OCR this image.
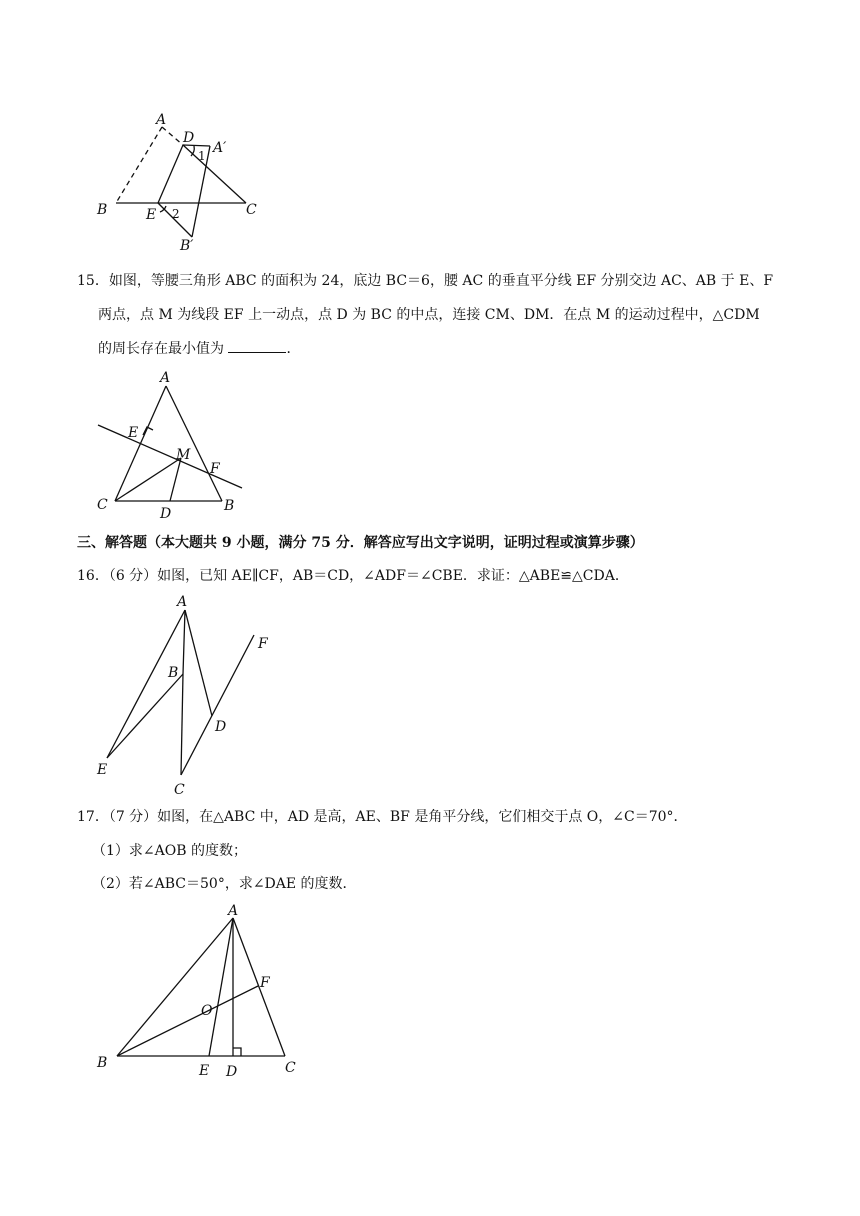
A
D
A′
B	E	C
B′
1
2
15．如图，等腰三角形 ABC 的面积为 24，底边 BC＝6，腰 AC 的垂直平分线 EF 分别交边 AC、AB 于 E、F
两点，点 M 为线段 EF 上一动点，点 D 为 BC 的中点，连接 CM、DM．在点 M 的运动过程中，△CDM
的周长存在最小值为	．
A
E
M
F
C
D	B
三、解答题（本大题共 9 小题，满分 75 分．解答应写出文字说明，证明过程或演算步骤）
16．（6 分）如图，已知 AE∥CF，AB＝CD，∠ADF＝∠CBE．求证：△ABE≌△CDA．
A
B
F
D
E
C
17．（7 分）如图，在△ABC 中，AD 是高，AE、BF 是角平分线，它们相交于点 O，∠C＝70°．
（1）求∠AOB 的度数；
（2）若∠ABC＝50°，求∠DAE 的度数．
A
O
F
B	E D	C
